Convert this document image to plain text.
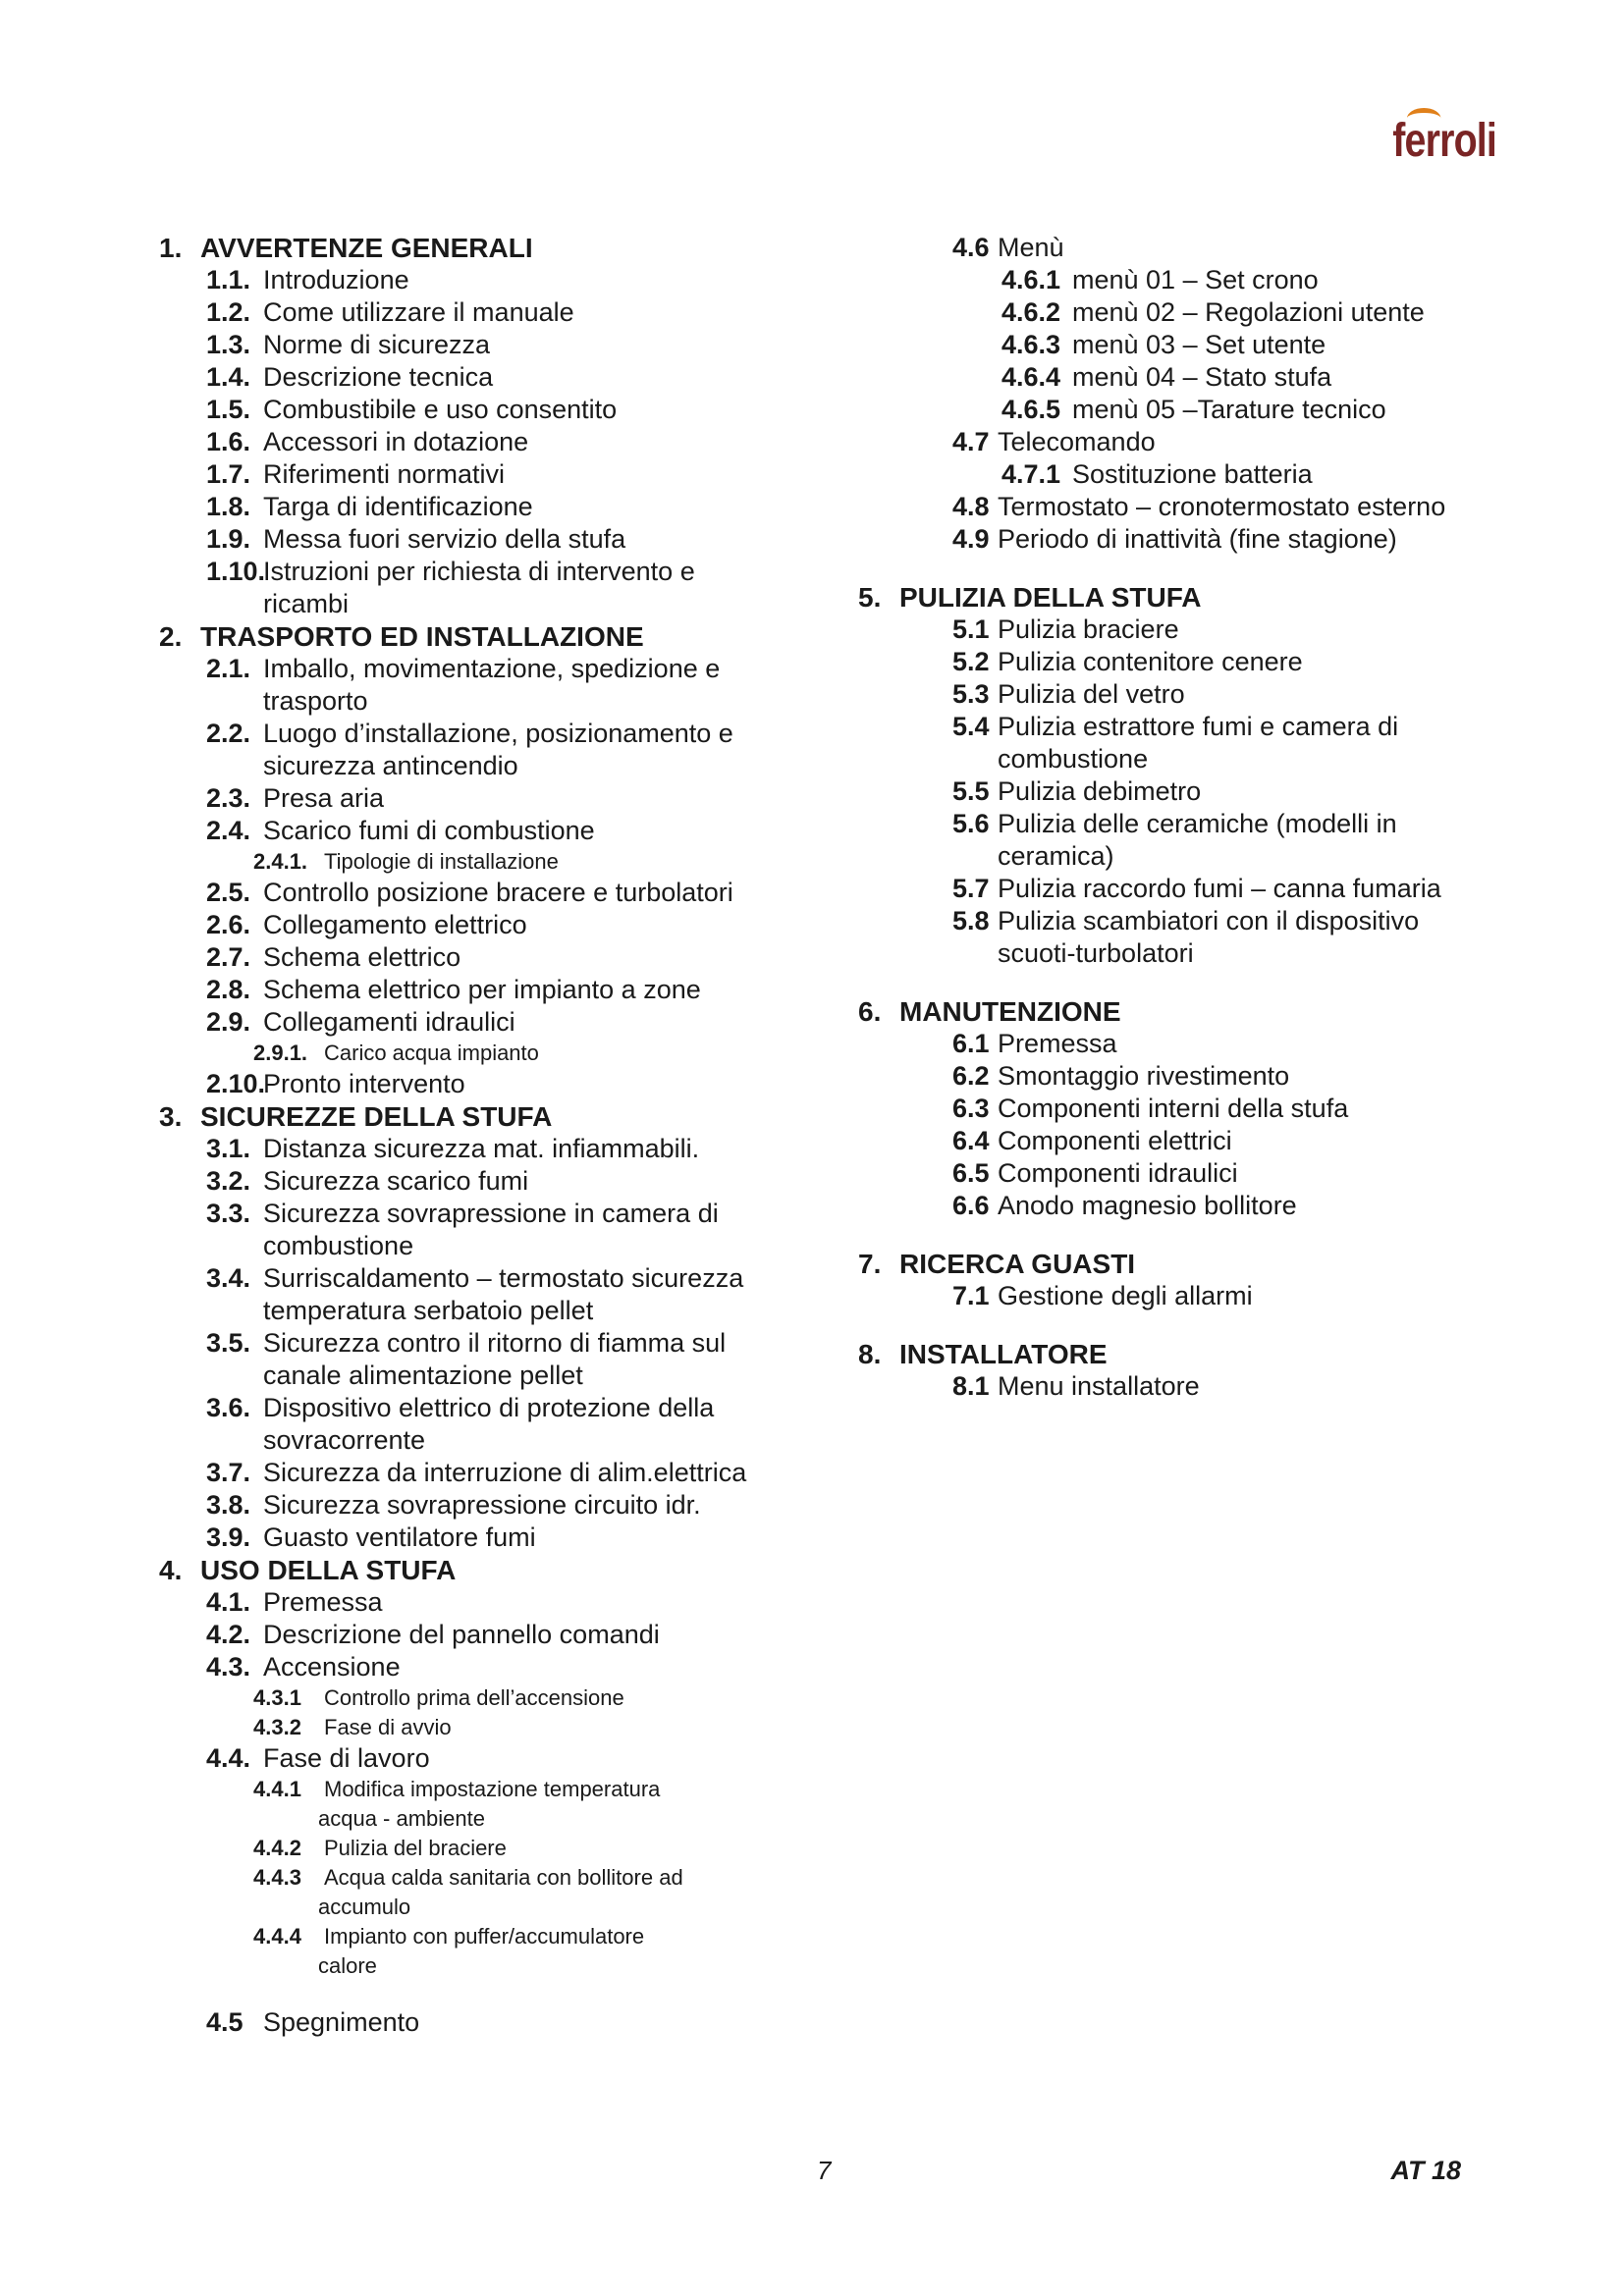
ferroli
1. AVVERTENZE GENERALI
1.1. Introduzione
1.2. Come utilizzare il manuale
1.3. Norme di sicurezza
1.4. Descrizione tecnica
1.5. Combustibile e uso consentito
1.6. Accessori in dotazione
1.7. Riferimenti normativi
1.8. Targa di identificazione
1.9. Messa fuori servizio della stufa
1.10.Istruzioni per richiesta di intervento e
ricambi
2. TRASPORTO ED INSTALLAZIONE
2.1. Imballo, movimentazione, spedizione e
trasporto
2.2. Luogo d’installazione, posizionamento e
sicurezza antincendio
2.3. Presa aria
2.4. Scarico fumi di combustione
2.4.1. Tipologie di installazione
2.5. Controllo posizione bracere e turbolatori
2.6. Collegamento elettrico
2.7. Schema elettrico
2.8. Schema elettrico per impianto a zone
2.9. Collegamenti idraulici
2.9.1. Carico acqua impianto
2.10.Pronto intervento
3. SICUREZZE DELLA STUFA
3.1. Distanza sicurezza mat. infiammabili.
3.2. Sicurezza scarico fumi
3.3. Sicurezza sovrapressione in camera di
combustione
3.4. Surriscaldamento – termostato sicurezza
temperatura serbatoio pellet
3.5. Sicurezza contro il ritorno di fiamma sul
canale alimentazione pellet
3.6. Dispositivo elettrico di protezione della
sovracorrente
3.7. Sicurezza da interruzione di alim.elettrica
3.8. Sicurezza sovrapressione circuito idr.
3.9. Guasto ventilatore fumi
4. USO DELLA STUFA
4.1. Premessa
4.2. Descrizione del pannello comandi
4.3. Accensione
4.3.1 Controllo prima dell’accensione
4.3.2 Fase di avvio
4.4. Fase di lavoro
4.4.1 Modifica impostazione temperatura
acqua - ambiente
4.4.2 Pulizia del braciere
4.4.3 Acqua calda sanitaria con bollitore ad
accumulo
4.4.4 Impianto con puffer/accumulatore
calore
4.5 Spegnimento
4.6 Menù
4.6.1 menù 01 – Set crono
4.6.2 menù 02 – Regolazioni utente
4.6.3 menù 03 – Set utente
4.6.4 menù 04 – Stato stufa
4.6.5 menù 05 –Tarature tecnico
4.7 Telecomando
4.7.1 Sostituzione batteria
4.8 Termostato – cronotermostato esterno
4.9 Periodo di inattività (fine stagione)
5. PULIZIA DELLA STUFA
5.1 Pulizia braciere
5.2 Pulizia contenitore cenere
5.3 Pulizia del vetro
5.4 Pulizia estrattore fumi e camera di
combustione
5.5 Pulizia debimetro
5.6 Pulizia delle ceramiche (modelli in
ceramica)
5.7 Pulizia raccordo fumi – canna fumaria
5.8 Pulizia scambiatori con il dispositivo
scuoti-turbolatori
6. MANUTENZIONE
6.1 Premessa
6.2 Smontaggio rivestimento
6.3 Componenti interni della stufa
6.4 Componenti elettrici
6.5 Componenti idraulici
6.6 Anodo magnesio bollitore
7. RICERCA GUASTI
7.1 Gestione degli allarmi
8. INSTALLATORE
8.1 Menu installatore
7	AT 18
